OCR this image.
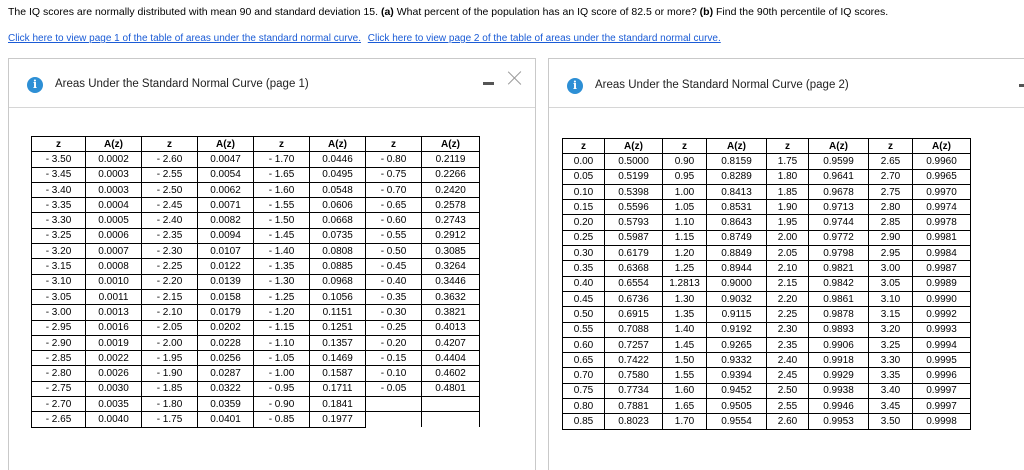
The IQ scores are normally distributed with mean 90 and standard deviation 15. (a) What percent of the population has an IQ score of 82.5 or more? (b) Find the 90th percentile of IQ scores.
Click here to view page 1 of the table of areas under the standard normal curve. Click here to view page 2 of the table of areas under the standard normal curve.
i	Areas Under the Standard Normal Curve (page 1)
z	A(z)	z	A(z)	z	A(z)	z	A(z)
- 3.50	0.0002	- 2.60	0.0047	- 1.70	0.0446	- 0.80	0.2119
- 3.45	0.0003	- 2.55	0.0054	- 1.65	0.0495	- 0.75	0.2266
- 3.40	0.0003	- 2.50	0.0062	- 1.60	0.0548	- 0.70	0.2420
- 3.35	0.0004	- 2.45	0.0071	- 1.55	0.0606	- 0.65	0.2578
- 3.30	0.0005	- 2.40	0.0082	- 1.50	0.0668	- 0.60	0.2743
- 3.25	0.0006	- 2.35	0.0094	- 1.45	0.0735	- 0.55	0.2912
- 3.20	0.0007	- 2.30	0.0107	- 1.40	0.0808	- 0.50	0.3085
- 3.15	0.0008	- 2.25	0.0122	- 1.35	0.0885	- 0.45	0.3264
- 3.10	0.0010	- 2.20	0.0139	- 1.30	0.0968	- 0.40	0.3446
- 3.05	0.0011	- 2.15	0.0158	- 1.25	0.1056	- 0.35	0.3632
- 3.00	0.0013	- 2.10	0.0179	- 1.20	0.1151	- 0.30	0.3821
- 2.95	0.0016	- 2.05	0.0202	- 1.15	0.1251	- 0.25	0.4013
- 2.90	0.0019	- 2.00	0.0228	- 1.10	0.1357	- 0.20	0.4207
- 2.85	0.0022	- 1.95	0.0256	- 1.05	0.1469	- 0.15	0.4404
- 2.80	0.0026	- 1.90	0.0287	- 1.00	0.1587	- 0.10	0.4602
- 2.75	0.0030	- 1.85	0.0322	- 0.95	0.1711	- 0.05	0.4801
- 2.70	0.0035	- 1.80	0.0359	- 0.90	0.1841		
- 2.65	0.0040	- 1.75	0.0401	- 0.85	0.1977		
i	Areas Under the Standard Normal Curve (page 2)
z	A(z)	z	A(z)	z	A(z)	z	A(z)
0.00	0.5000	0.90	0.8159	1.75	0.9599	2.65	0.9960
0.05	0.5199	0.95	0.8289	1.80	0.9641	2.70	0.9965
0.10	0.5398	1.00	0.8413	1.85	0.9678	2.75	0.9970
0.15	0.5596	1.05	0.8531	1.90	0.9713	2.80	0.9974
0.20	0.5793	1.10	0.8643	1.95	0.9744	2.85	0.9978
0.25	0.5987	1.15	0.8749	2.00	0.9772	2.90	0.9981
0.30	0.6179	1.20	0.8849	2.05	0.9798	2.95	0.9984
0.35	0.6368	1.25	0.8944	2.10	0.9821	3.00	0.9987
0.40	0.6554	1.2813	0.9000	2.15	0.9842	3.05	0.9989
0.45	0.6736	1.30	0.9032	2.20	0.9861	3.10	0.9990
0.50	0.6915	1.35	0.9115	2.25	0.9878	3.15	0.9992
0.55	0.7088	1.40	0.9192	2.30	0.9893	3.20	0.9993
0.60	0.7257	1.45	0.9265	2.35	0.9906	3.25	0.9994
0.65	0.7422	1.50	0.9332	2.40	0.9918	3.30	0.9995
0.70	0.7580	1.55	0.9394	2.45	0.9929	3.35	0.9996
0.75	0.7734	1.60	0.9452	2.50	0.9938	3.40	0.9997
0.80	0.7881	1.65	0.9505	2.55	0.9946	3.45	0.9997
0.85	0.8023	1.70	0.9554	2.60	0.9953	3.50	0.9998
